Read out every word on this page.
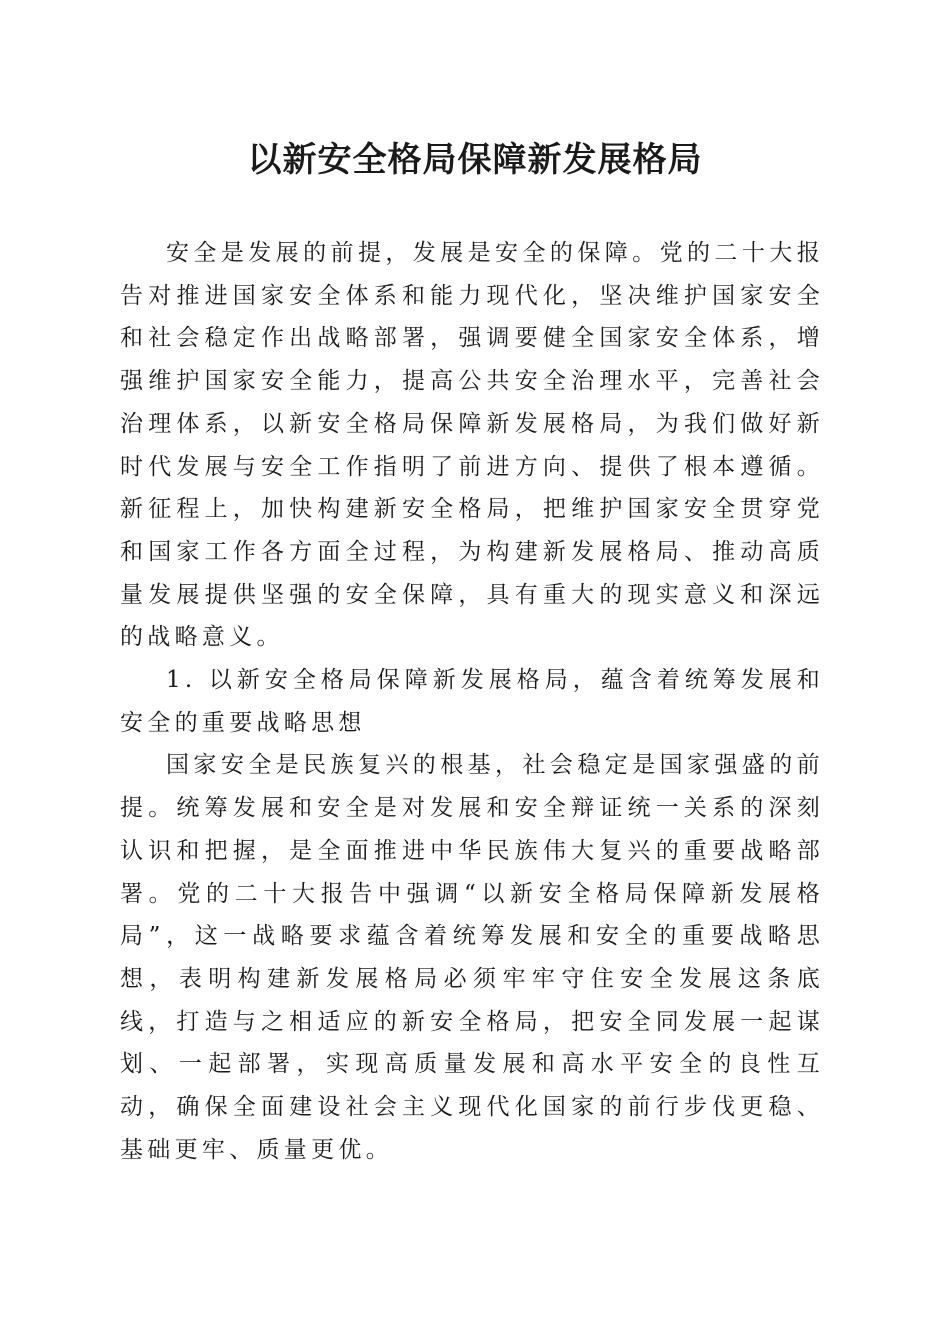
以新安全格局保障新发展格局

安全是发展的前提，发展是安全的保障。党的二十大报告对推进国家安全体系和能力现代化，坚决维护国家安全和社会稳定作出战略部署，强调要健全国家安全体系，增强维护国家安全能力，提高公共安全治理水平，完善社会治理体系，以新安全格局保障新发展格局，为我们做好新时代发展与安全工作指明了前进方向、提供了根本遵循。新征程上，加快构建新安全格局，把维护国家安全贯穿党和国家工作各方面全过程，为构建新发展格局、推动高质量发展提供坚强的安全保障，具有重大的现实意义和深远的战略意义。

1. 以新安全格局保障新发展格局，蕴含着统筹发展和安全的重要战略思想

国家安全是民族复兴的根基，社会稳定是国家强盛的前提。统筹发展和安全是对发展和安全辩证统一关系的深刻认识和把握，是全面推进中华民族伟大复兴的重要战略部署。党的二十大报告中强调“以新安全格局保障新发展格局”，这一战略要求蕴含着统筹发展和安全的重要战略思想，表明构建新发展格局必须牢牢守住安全发展这条底线，打造与之相适应的新安全格局，把安全同发展一起谋划、一起部署，实现高质量发展和高水平安全的良性互动，确保全面建设社会主义现代化国家的前行步伐更稳、基础更牢、质量更优。
